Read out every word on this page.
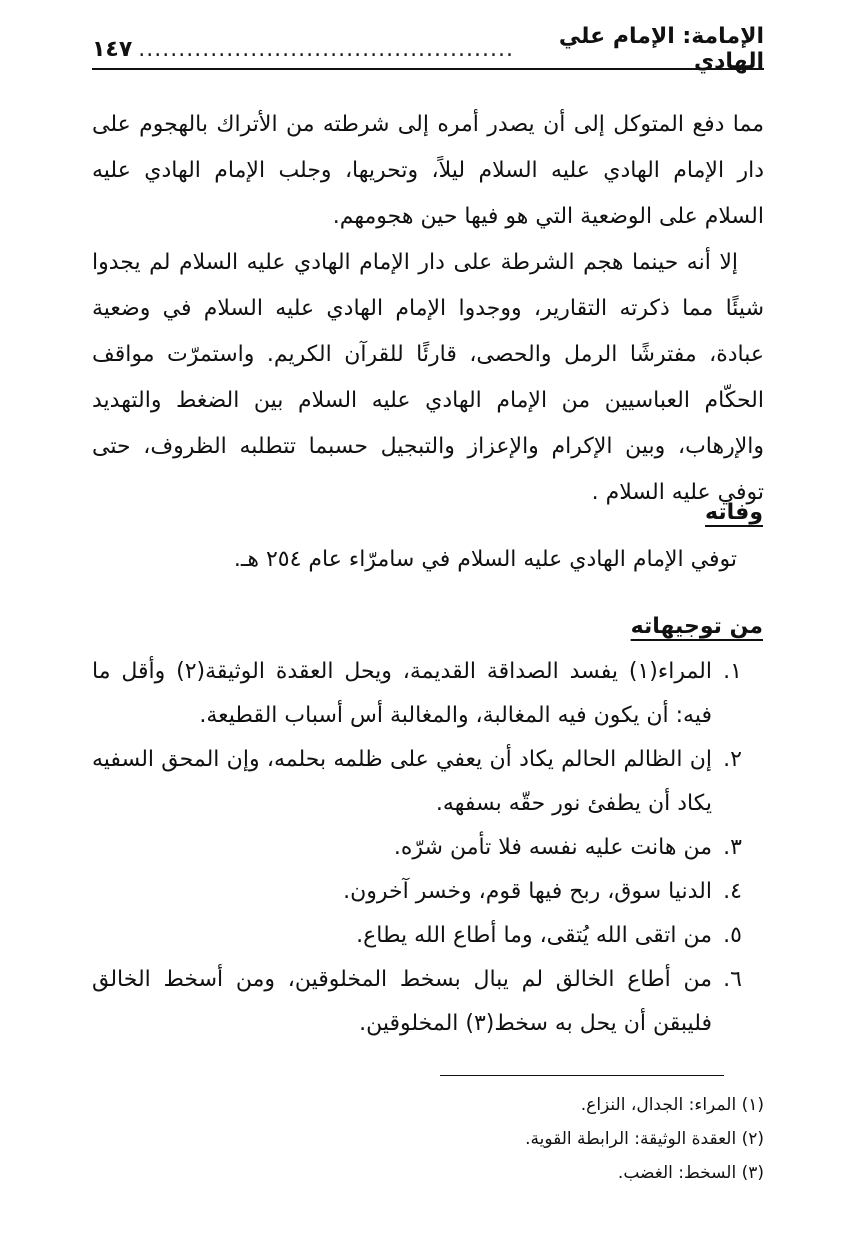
الإمامة: الإمام علي الهادي
...............................................
١٤٧
مما دفع المتوكل إلى أن يصدر أمره إلى شرطته من الأتراك بالهجوم على دار الإمام الهادي عليه السلام ليلاً، وتحريها، وجلب الإمام الهادي عليه السلام على الوضعية التي هو فيها حين هجومهم.
إلا أنه حينما هجم الشرطة على دار الإمام الهادي عليه السلام لم يجدوا شيئًا مما ذكرته التقارير، ووجدوا الإمام الهادي عليه السلام في وضعية عبادة، مفترشًا الرمل والحصى، قارئًا للقرآن الكريم. واستمرّت مواقف الحكّام العباسيين من الإمام الهادي عليه السلام بين الضغط والتهديد والإرهاب، وبين الإكرام والإعزاز والتبجيل حسبما تتطلبه الظروف، حتى توفي عليه السلام .
وفاته
توفي الإمام الهادي عليه السلام في سامرّاء عام ٢٥٤ هـ.
من توجيهاته
١.
المراء(١) يفسد الصداقة القديمة، ويحل العقدة الوثيقة(٢) وأقل ما فيه: أن يكون فيه المغالبة، والمغالبة أس أسباب القطيعة.
٢.
إن الظالم الحالم يكاد أن يعفي على ظلمه بحلمه، وإن المحق السفيه يكاد أن يطفئ نور حقّه بسفهه.
٣.
من هانت عليه نفسه فلا تأمن شرّه.
٤.
الدنيا سوق، ربح فيها قوم، وخسر آخرون.
٥.
من اتقى الله يُتقى، وما أطاع الله يطاع.
٦.
من أطاع الخالق لم يبال بسخط المخلوقين، ومن أسخط الخالق فليبقن أن يحل به سخط(٣) المخلوقين.
(١) المراء: الجدال، النزاع.
(٢) العقدة الوثيقة: الرابطة القوية.
(٣) السخط: الغضب.
